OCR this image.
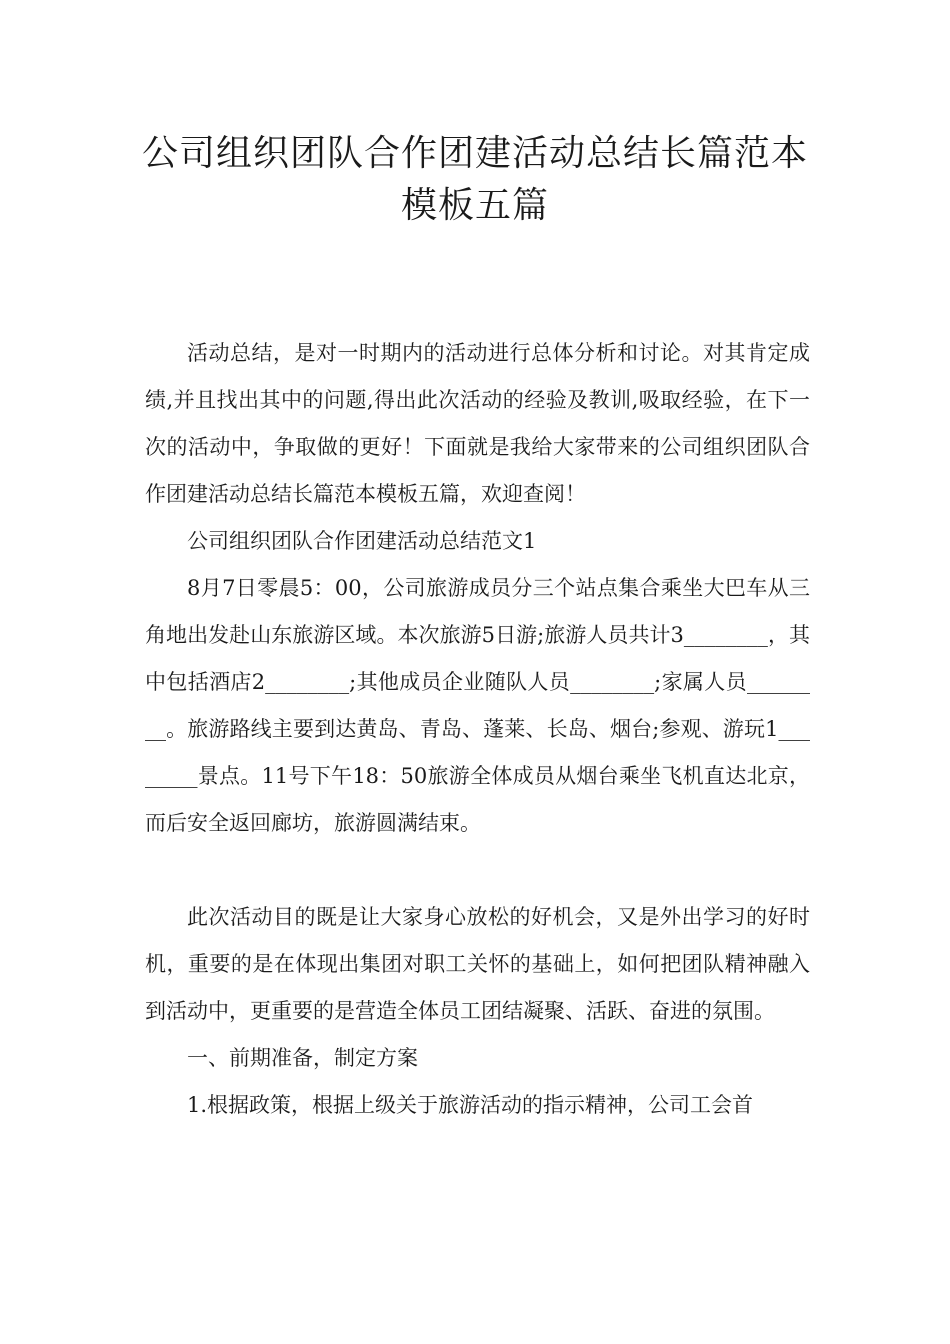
公司组织团队合作团建活动总结长篇范本模板五篇

活动总结，是对一时期内的活动进行总体分析和讨论。对其肯定成绩,并且找出其中的问题,得出此次活动的经验及教训,吸取经验，在下一次的活动中，争取做的更好！下面就是我给大家带来的公司组织团队合作团建活动总结长篇范本模板五篇，欢迎查阅！

公司组织团队合作团建活动总结范文1

8月7日零晨5：00，公司旅游成员分三个站点集合乘坐大巴车从三角地出发赴山东旅游区域。本次旅游5日游;旅游人员共计3________，其中包括酒店2________;其他成员企业随队人员________;家属人员________。旅游路线主要到达黄岛、青岛、蓬莱、长岛、烟台;参观、游玩1________景点。11号下午18：50旅游全体成员从烟台乘坐飞机直达北京，而后安全返回廊坊，旅游圆满结束。

此次活动目的既是让大家身心放松的好机会，又是外出学习的好时机，重要的是在体现出集团对职工关怀的基础上，如何把团队精神融入到活动中，更重要的是营造全体员工团结凝聚、活跃、奋进的氛围。

一、前期准备，制定方案

1.根据政策，根据上级关于旅游活动的指示精神，公司工会首
